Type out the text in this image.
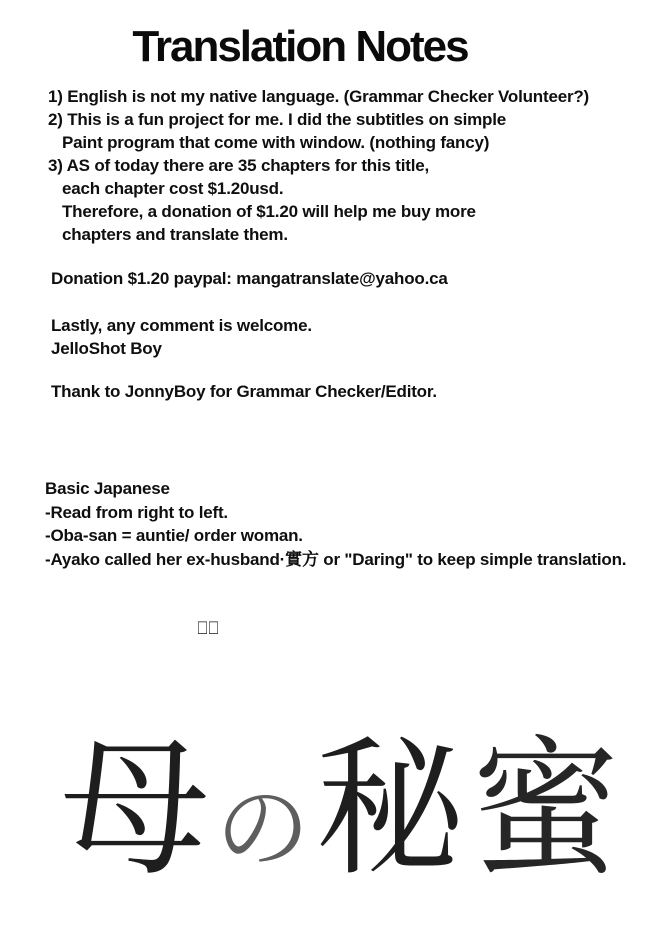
Translation Notes
1) English is not my native language. (Grammar Checker Volunteer?)
2) This is a fun project for me. I did the subtitles on simple
Paint program that come with window. (nothing fancy)
3) AS of today there are 35 chapters for this title,
each chapter cost $1.20usd.
Therefore, a donation of $1.20 will help me buy more
chapters and translate them.
Donation $1.20 paypal: mangatranslate@yahoo.ca
Lastly, any comment is welcome.
JelloShot Boy
Thank to JonnyBoy for Grammar Checker/Editor.
Basic Japanese
-Read from right to left.
-Oba-san = auntie/ order woman.
-Ayako called her ex-husband·實方 or "Daring" to keep simple translation.
□□
母 の 秘 蜜
